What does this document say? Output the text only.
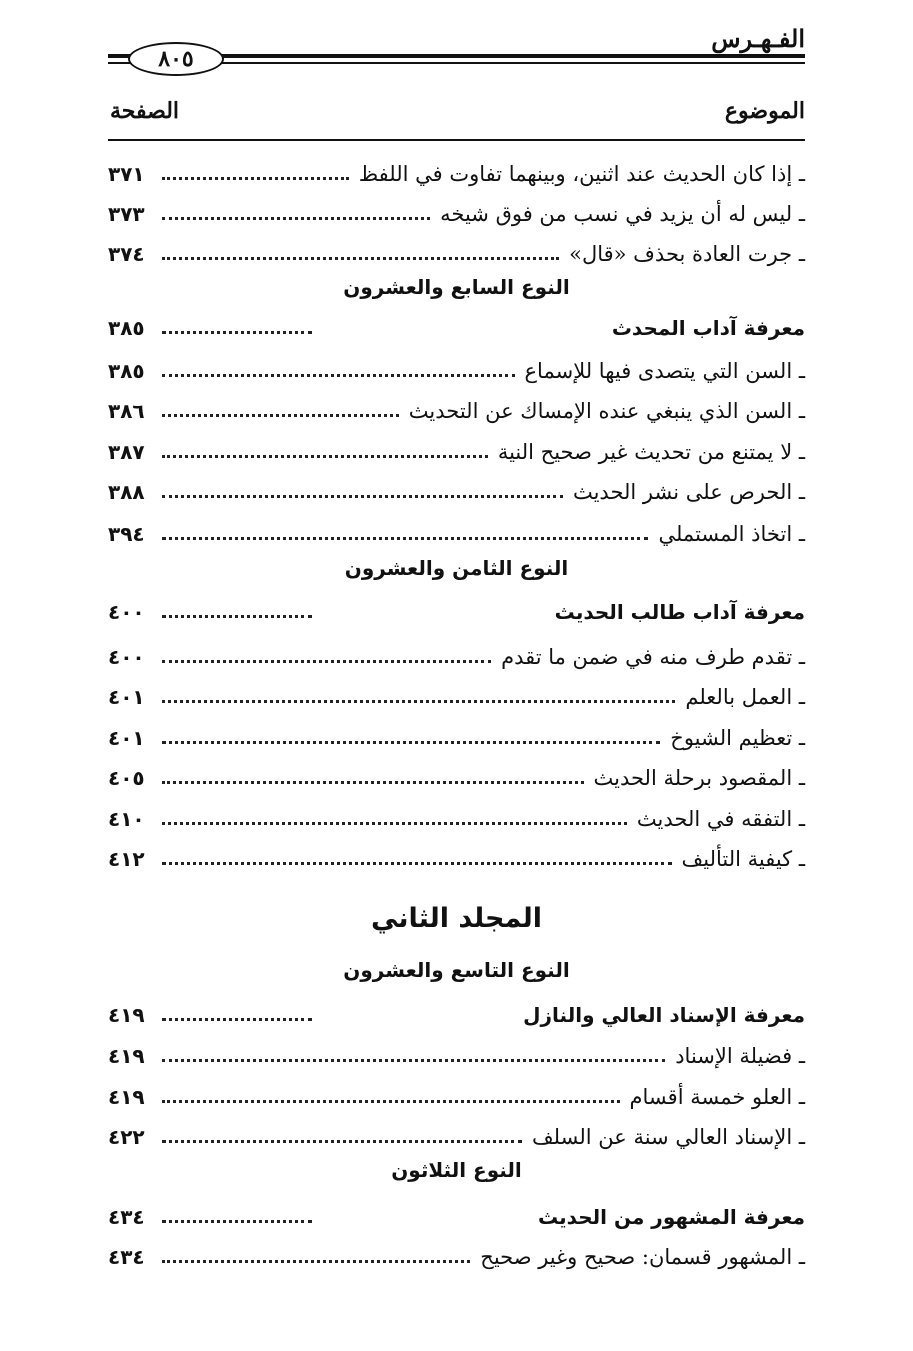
الفـهـرس
٨٠٥
الموضوع
الصفحة
ـ إذا كان الحديث عند اثنين، وبينهما تفاوت في اللفظ
٣٧١
ـ ليس له أن يزيد في نسب من فوق شيخه
٣٧٣
ـ جرت العادة بحذف «قال»
٣٧٤
النوع السابع والعشرون
معرفة آداب المحدث
٣٨٥
ـ السن التي يتصدى فيها للإسماع
٣٨٥
ـ السن الذي ينبغي عنده الإمساك عن التحديث
٣٨٦
ـ لا يمتنع من تحديث غير صحيح النية
٣٨٧
ـ الحرص على نشر الحديث
٣٨٨
ـ اتخاذ المستملي
٣٩٤
النوع الثامن والعشرون
معرفة آداب طالب الحديث
٤٠٠
ـ تقدم طرف منه في ضمن ما تقدم
٤٠٠
ـ العمل بالعلم
٤٠١
ـ تعظيم الشيوخ
٤٠١
ـ المقصود برحلة الحديث
٤٠٥
ـ التفقه في الحديث
٤١٠
ـ كيفية التأليف
٤١٢
المجلد الثاني
النوع التاسع والعشرون
معرفة الإسناد العالي والنازل
٤١٩
ـ فضيلة الإسناد
٤١٩
ـ العلو خمسة أقسام
٤١٩
ـ الإسناد العالي سنة عن السلف
٤٢٢
النوع الثلاثون
معرفة المشهور من الحديث
٤٣٤
ـ المشهور قسمان: صحيح وغير صحيح
٤٣٤
